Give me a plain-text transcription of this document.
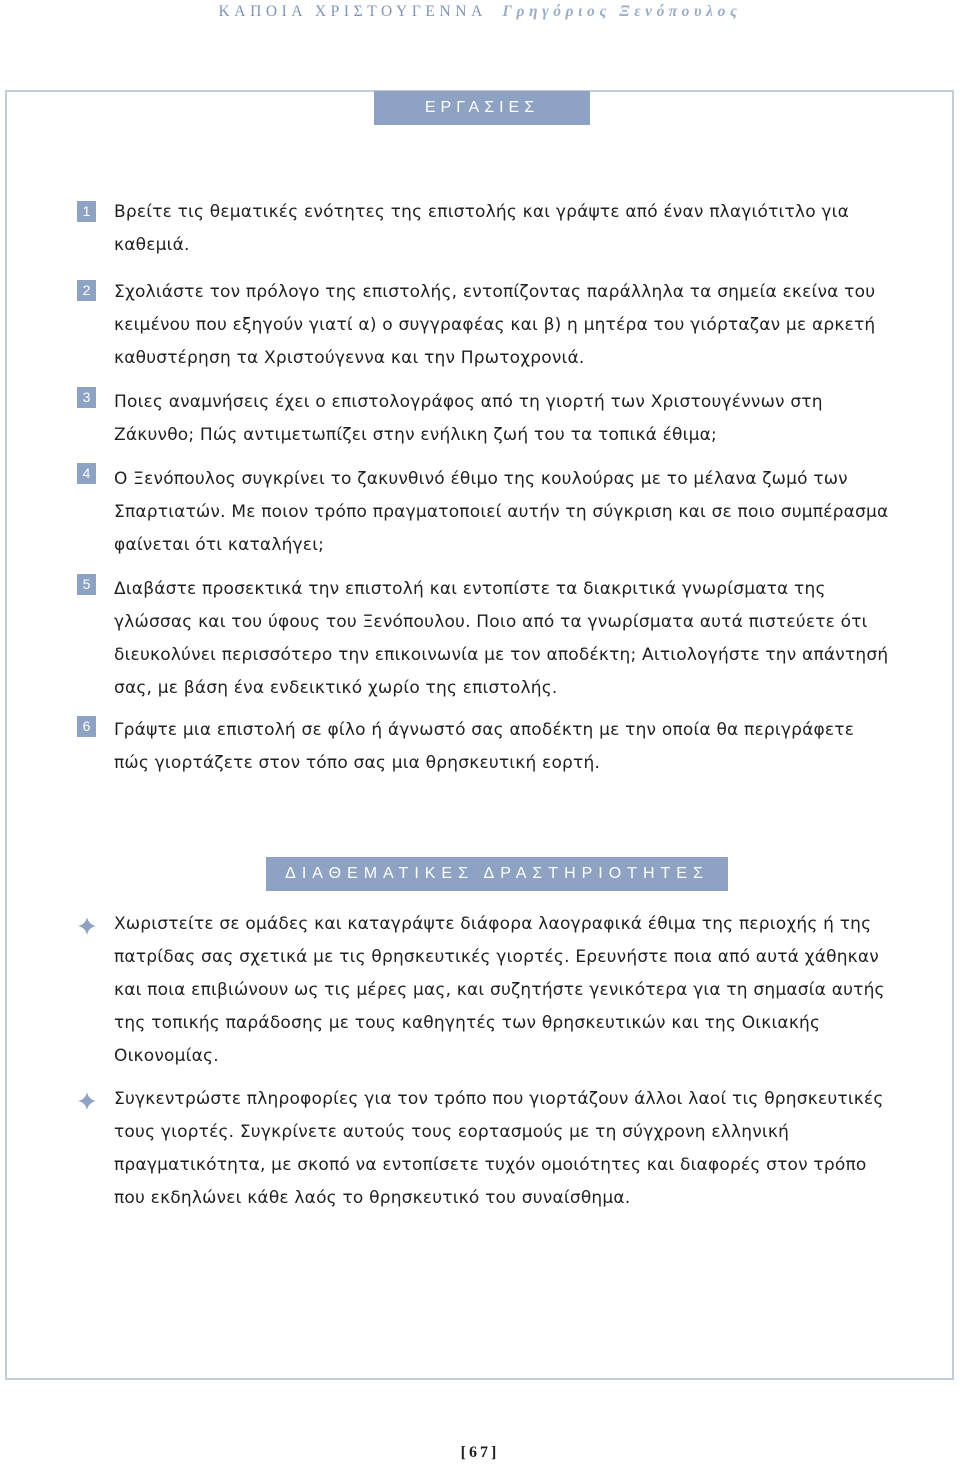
ΚΑΠΟΙΑ ΧΡΙΣΤΟΥΓΕΝΝΑ Γρηγόριος Ξενόπουλος
ΕΡΓΑΣΙΕΣ
1	Βρείτε τις θεματικές ενότητες της επιστολής και γράψτε από έναν πλαγιότιτλο για καθεμιά.

2	Σχολιάστε τον πρόλογο της επιστολής, εντοπίζοντας παράλληλα τα σημεία εκείνα του κειμένου που εξηγούν γιατί α) ο συγγραφέας και β) η μητέρα του γιόρταζαν με αρκετή καθυστέρηση τα Χριστούγεννα και την Πρωτοχρονιά.

3	Ποιες αναμνήσεις έχει ο επιστολογράφος από τη γιορτή των Χριστουγέννων στη Ζάκυνθο; Πώς αντιμετωπίζει στην ενήλικη ζωή του τα τοπικά έθιμα;

4	Ο Ξενόπουλος συγκρίνει το ζακυνθινό έθιμο της κουλούρας με το μέλανα ζωμό των Σπαρτιατών. Με ποιον τρόπο πραγματοποιεί αυτήν τη σύγκριση και σε ποιο συμπέρασμα φαίνεται ότι καταλήγει;

5	Διαβάστε προσεκτικά την επιστολή και εντοπίστε τα διακριτικά γνωρίσματα της γλώσσας και του ύφους του Ξενόπουλου. Ποιο από τα γνωρίσματα αυτά πιστεύετε ότι διευκολύνει περισσότερο την επικοινωνία με τον αποδέκτη; Αιτιολογήστε την απάντησή σας, με βάση ένα ενδεικτικό χωρίο της επιστολής.

6	Γράψτε μια επιστολή σε φίλο ή άγνωστό σας αποδέκτη με την οποία θα περιγράφετε πώς γιορτάζετε στον τόπο σας μια θρησκευτική εορτή.

ΔΙΑΘΕΜΑΤΙΚΕΣ ΔΡΑΣΤΗΡΙΟΤΗΤΕΣ

Χωριστείτε σε ομάδες και καταγράψτε διάφορα λαογραφικά έθιμα της περιοχής ή της πατρίδας σας σχετικά με τις θρησκευτικές γιορτές. Ερευνήστε ποια από αυτά χάθηκαν και ποια επιβιώνουν ως τις μέρες μας, και συζητήστε γενικότερα για τη σημασία αυτής της τοπικής παράδοσης με τους καθηγητές των θρησκευτικών και της Οικιακής Οικονομίας.

Συγκεντρώστε πληροφορίες για τον τρόπο που γιορτάζουν άλλοι λαοί τις θρησκευτικές τους γιορτές. Συγκρίνετε αυτούς τους εορτασμούς με τη σύγχρονη ελληνική πραγματικότητα, με σκοπό να εντοπίσετε τυχόν ομοιότητες και διαφορές στον τρόπο που εκδηλώνει κάθε λαός το θρησκευτικό του συναίσθημα.

[67]
